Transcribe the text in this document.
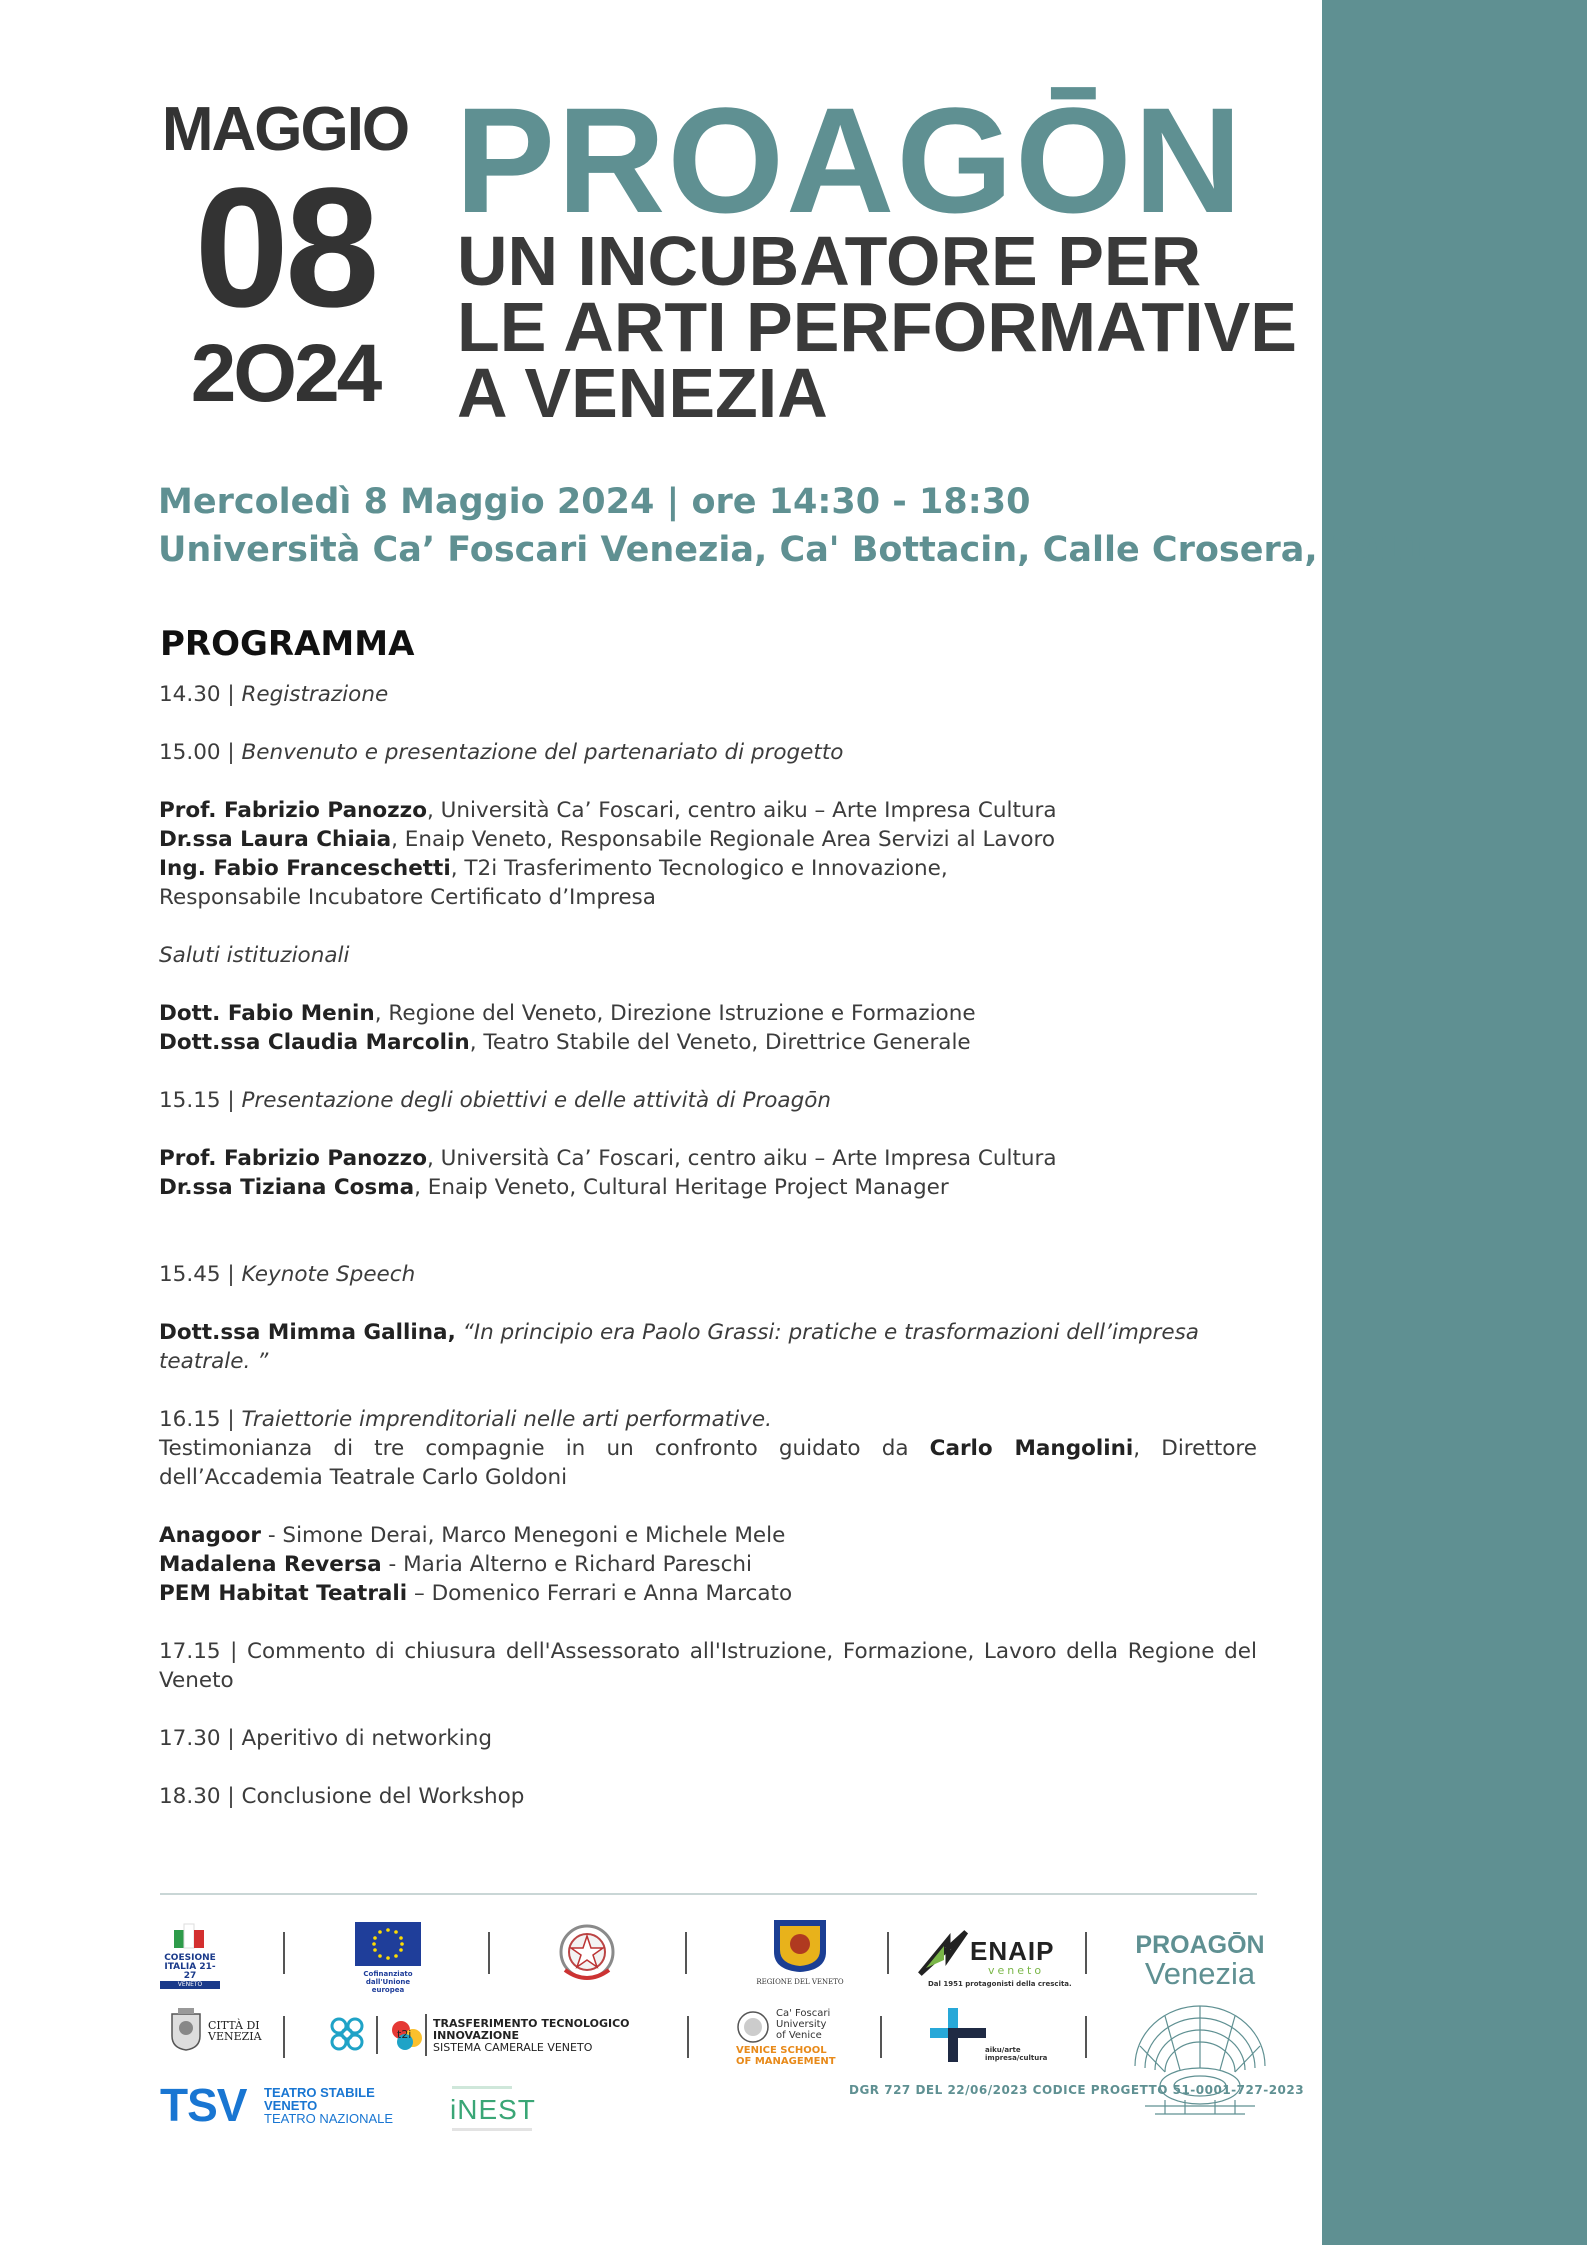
MAGGIO
08
2O24
PROAGŌN
UN INCUBATORE PER
LE ARTI PERFORMATIVE
A VENEZIA
Mercoledì 8 Maggio 2024 | ore 14:30 - 18:30
Università Ca’ Foscari Venezia, Ca' Bottacin, Calle Crosera, 3911
PROGRAMMA

14.30 | Registrazione

15.00 | Benvenuto e presentazione del partenariato di progetto

Prof. Fabrizio Panozzo, Università Ca’ Foscari, centro aiku – Arte Impresa Cultura

Dr.ssa Laura Chiaia, Enaip Veneto, Responsabile Regionale Area Servizi al Lavoro

Ing. Fabio Franceschetti, T2i Trasferimento Tecnologico e Innovazione,

Responsabile Incubatore Certificato d’Impresa

Saluti istituzionali

Dott. Fabio Menin, Regione del Veneto, Direzione Istruzione e Formazione

Dott.ssa Claudia Marcolin, Teatro Stabile del Veneto, Direttrice Generale

15.15 | Presentazione degli obiettivi e delle attività di Proagōn

Prof. Fabrizio Panozzo, Università Ca’ Foscari, centro aiku – Arte Impresa Cultura

Dr.ssa Tiziana Cosma, Enaip Veneto, Cultural Heritage Project Manager

15.45 | Keynote Speech

Dott.ssa Mimma Gallina, “In principio era Paolo Grassi: pratiche e trasformazioni dell’impresa teatrale. ”

16.15 | Traiettorie imprenditoriali nelle arti performative.

Testimonianza di tre compagnie in un confronto guidato da Carlo Mangolini, Direttore dell’Accademia Teatrale Carlo Goldoni

Anagoor - Simone Derai, Marco Menegoni e Michele Mele

Madalena Reversa - Maria Alterno e Richard Pareschi

PEM Habitat Teatrali – Domenico Ferrari e Anna Marcato

17.15 | Commento di chiusura dell'Assessorato all'Istruzione, Formazione, Lavoro della Regione del Veneto

17.30 | Aperitivo di networking

18.30 | Conclusione del Workshop

COESIONE
ITALIA 21-27
VENETO
Cofinanziato
dall'Unione europea
REGIONE DEL VENETO
ENAIP
veneto
Dal 1951 protagonisti della crescita.
PROAGŌN
Venezia
CITTÀ DI
VENEZIA	t2i
TRASFERIMENTO TECNOLOGICO
INNOVAZIONE
SISTEMA CAMERALE VENETO
Ca' Foscari
University
of Venice
VENICE SCHOOL
OF MANAGEMENT
aiku/arte
impresa/cultura
TSV TEATRO STABILE
VENETO
TEATRO NAZIONALE iNEST
DGR 727 DEL 22/06/2023 CODICE PROGETTO 51-0001-727-2023
